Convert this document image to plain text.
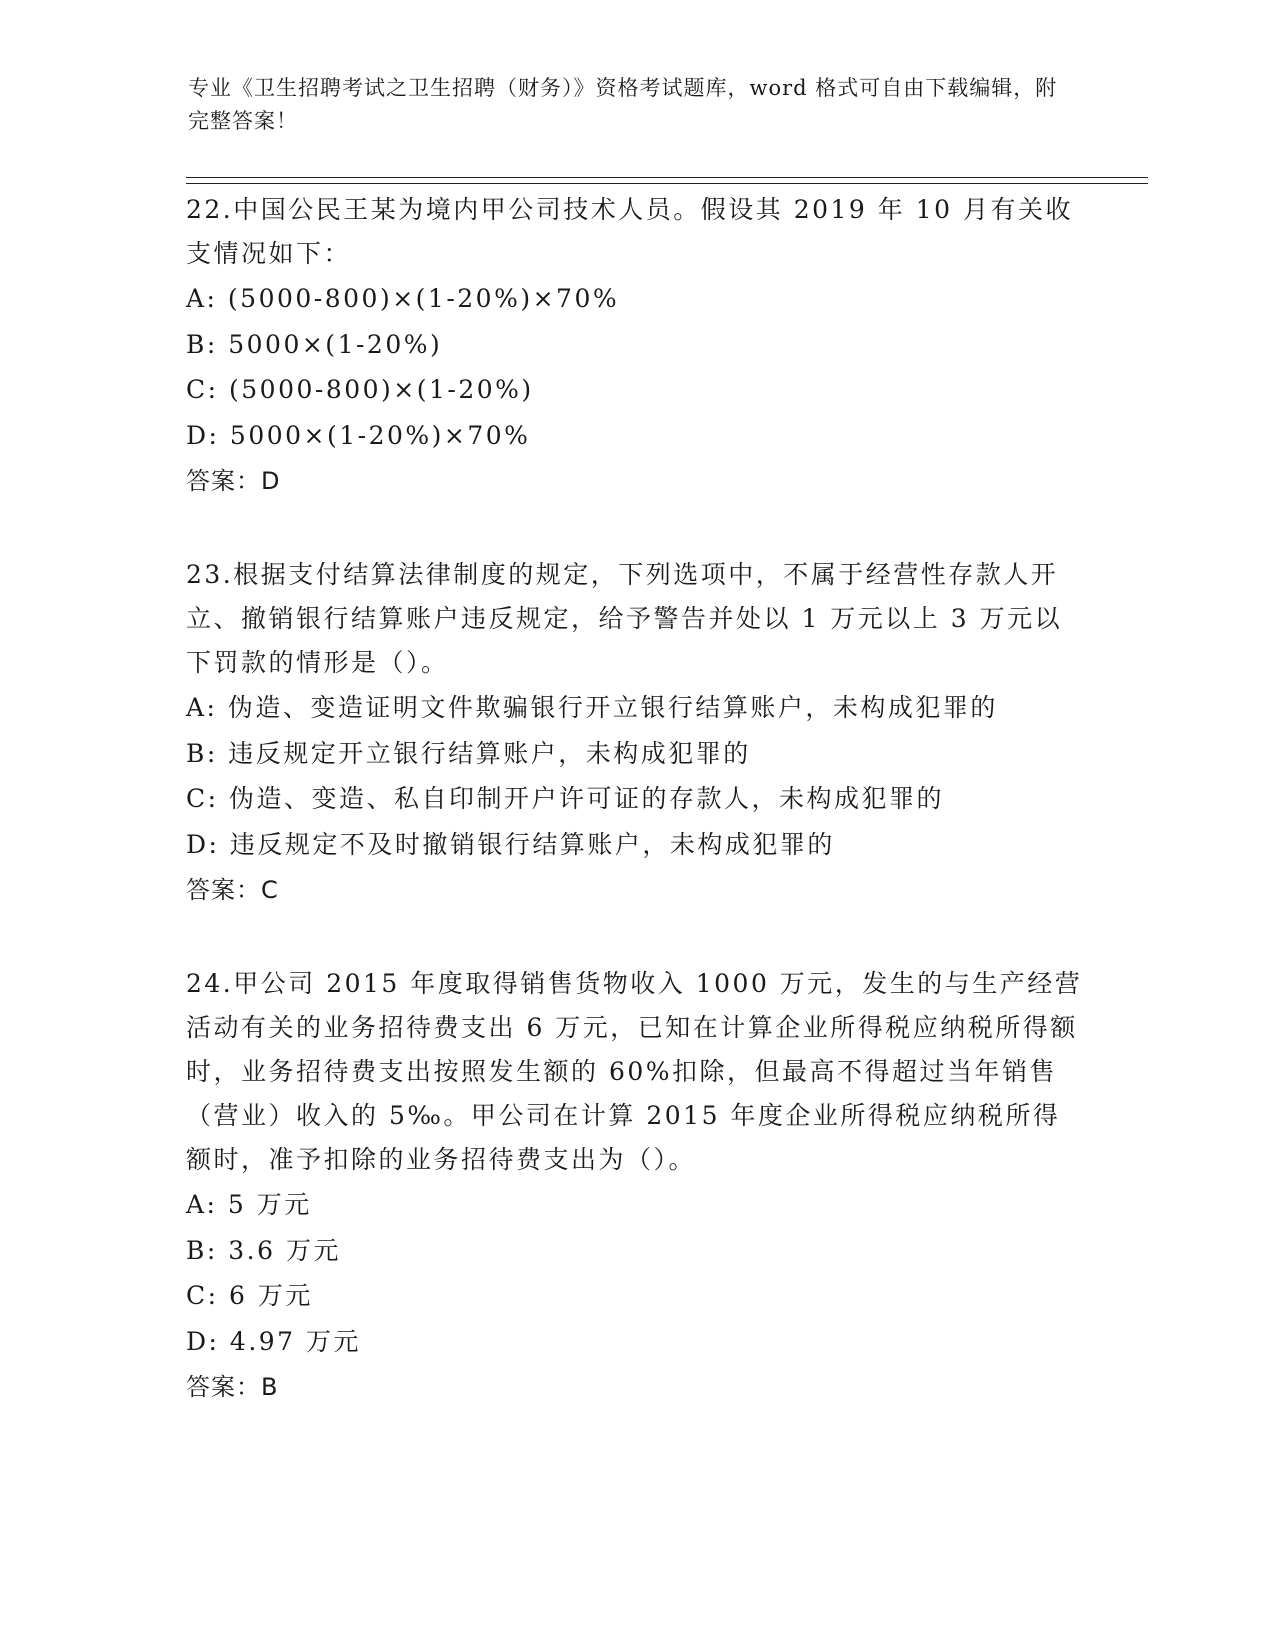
专业《卫生招聘考试之卫生招聘（财务）》资格考试题库，word 格式可自由下载编辑，附完整答案！

22.中国公民王某为境内甲公司技术人员。假设其 2019 年 10 月有关收支情况如下：

A: (5000-800)×(1-20%)×70%

B: 5000×(1-20%)

C: (5000-800)×(1-20%)

D: 5000×(1-20%)×70%

答案：D

23.根据支付结算法律制度的规定，下列选项中，不属于经营性存款人开立、撤销银行结算账户违反规定，给予警告并处以 1 万元以上 3 万元以下罚款的情形是（）。

A: 伪造、变造证明文件欺骗银行开立银行结算账户，未构成犯罪的

B: 违反规定开立银行结算账户，未构成犯罪的

C: 伪造、变造、私自印制开户许可证的存款人，未构成犯罪的

D: 违反规定不及时撤销银行结算账户，未构成犯罪的

答案：C

24.甲公司 2015 年度取得销售货物收入 1000 万元，发生的与生产经营活动有关的业务招待费支出 6 万元，已知在计算企业所得税应纳税所得额时，业务招待费支出按照发生额的 60%扣除，但最高不得超过当年销售（营业）收入的 5‰。甲公司在计算 2015 年度企业所得税应纳税所得额时，准予扣除的业务招待费支出为（）。

A: 5 万元

B: 3.6 万元

C: 6 万元

D: 4.97 万元

答案：B
